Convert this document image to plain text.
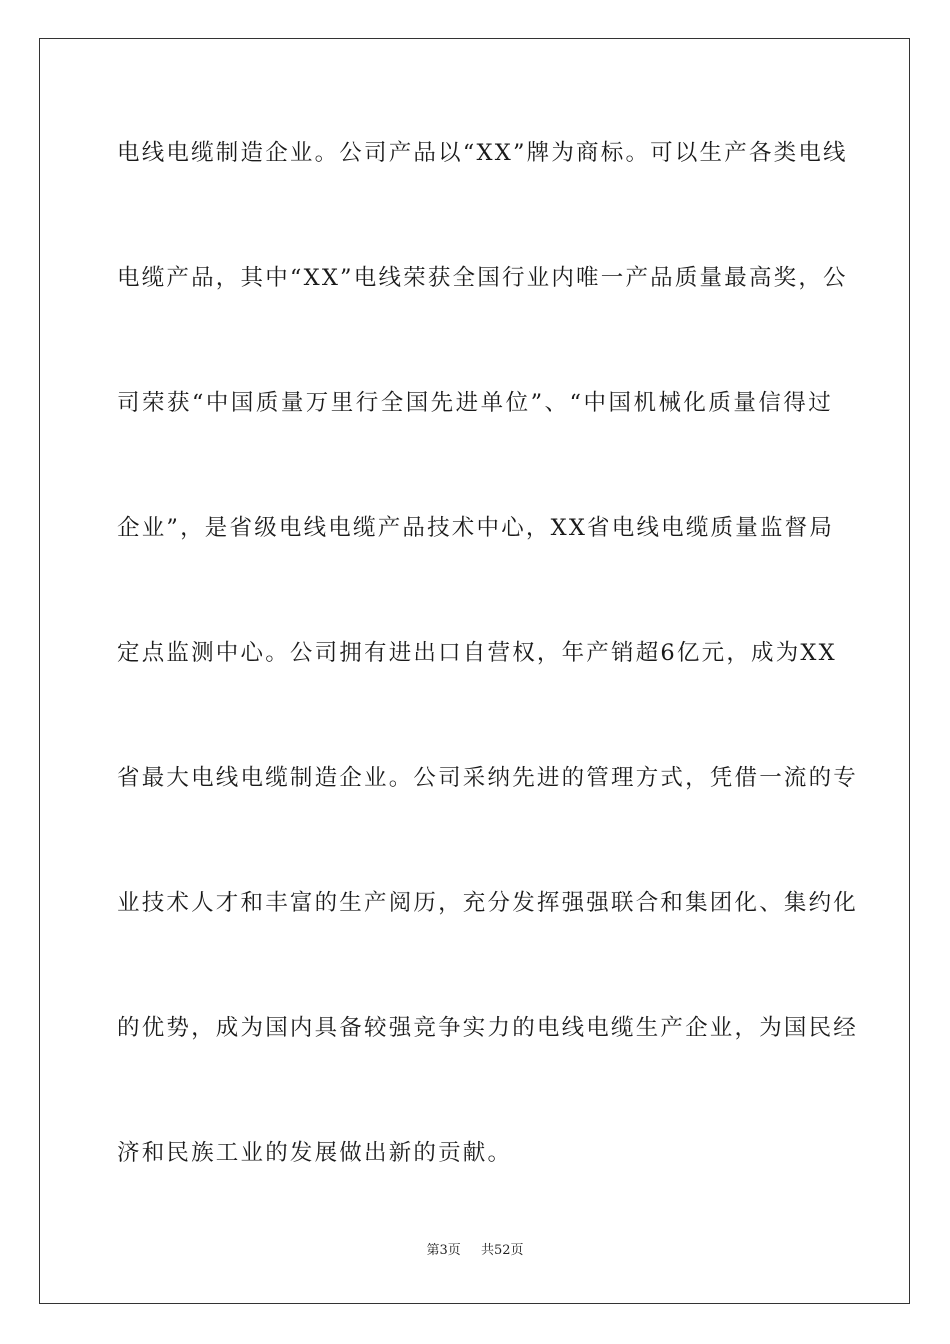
电线电缆制造企业。公司产品以“XX”牌为商标。可以生产各类电线
电缆产品，其中“XX”电线荣获全国行业内唯一产品质量最高奖，公
司荣获“中国质量万里行全国先进单位”、“中国机械化质量信得过
企业”，是省级电线电缆产品技术中心，XX省电线电缆质量监督局
定点监测中心。公司拥有进出口自营权，年产销超6亿元，成为XX
省最大电线电缆制造企业。公司采纳先进的管理方式，凭借一流的专
业技术人才和丰富的生产阅历，充分发挥强强联合和集团化、集约化
的优势，成为国内具备较强竞争实力的电线电缆生产企业，为国民经
济和民族工业的发展做出新的贡献。
第3页 共52页
